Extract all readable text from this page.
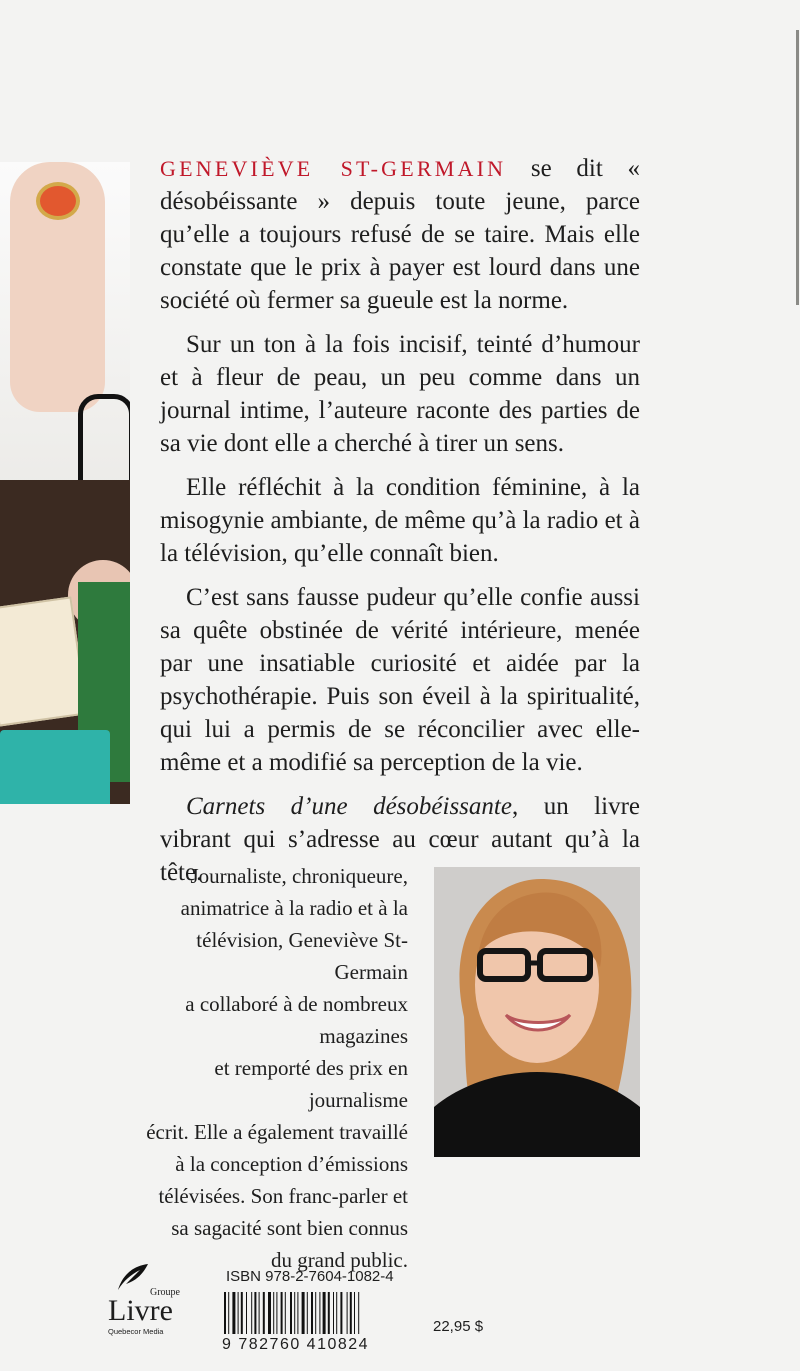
GENEVIÈVE ST-GERMAIN se dit « désobéissante » depuis toute jeune, parce qu’elle a toujours refusé de se taire. Mais elle constate que le prix à payer est lourd dans une société où fermer sa gueule est la norme.

Sur un ton à la fois incisif, teinté d’humour et à fleur de peau, un peu comme dans un journal intime, l’auteure raconte des parties de sa vie dont elle a cherché à tirer un sens.

Elle réfléchit à la condition féminine, à la misogynie ambiante, de même qu’à la radio et à la télévision, qu’elle connaît bien.

C’est sans fausse pudeur qu’elle confie aussi sa quête obstinée de vérité intérieure, menée par une insatiable curiosité et aidée par la psychothérapie. Puis son éveil à la spiritualité, qui lui a permis de se réconcilier avec elle-même et a modifié sa perception de la vie.

Carnets d’une désobéissante, un livre vibrant qui s’adresse au cœur autant qu’à la tête.

Journaliste, chroniqueure,
animatrice à la radio et à la
télévision, Geneviève St-Germain
a collaboré à de nombreux magazines
et remporté des prix en journalisme
écrit. Elle a également travaillé
à la conception d’émissions
télévisées. Son franc-parler et
sa sagacité sont bien connus
du grand public.

Groupe
Livre
Quebecor Media
ISBN 978-2-7604-1082-4
9 782760 410824
22,95 $
